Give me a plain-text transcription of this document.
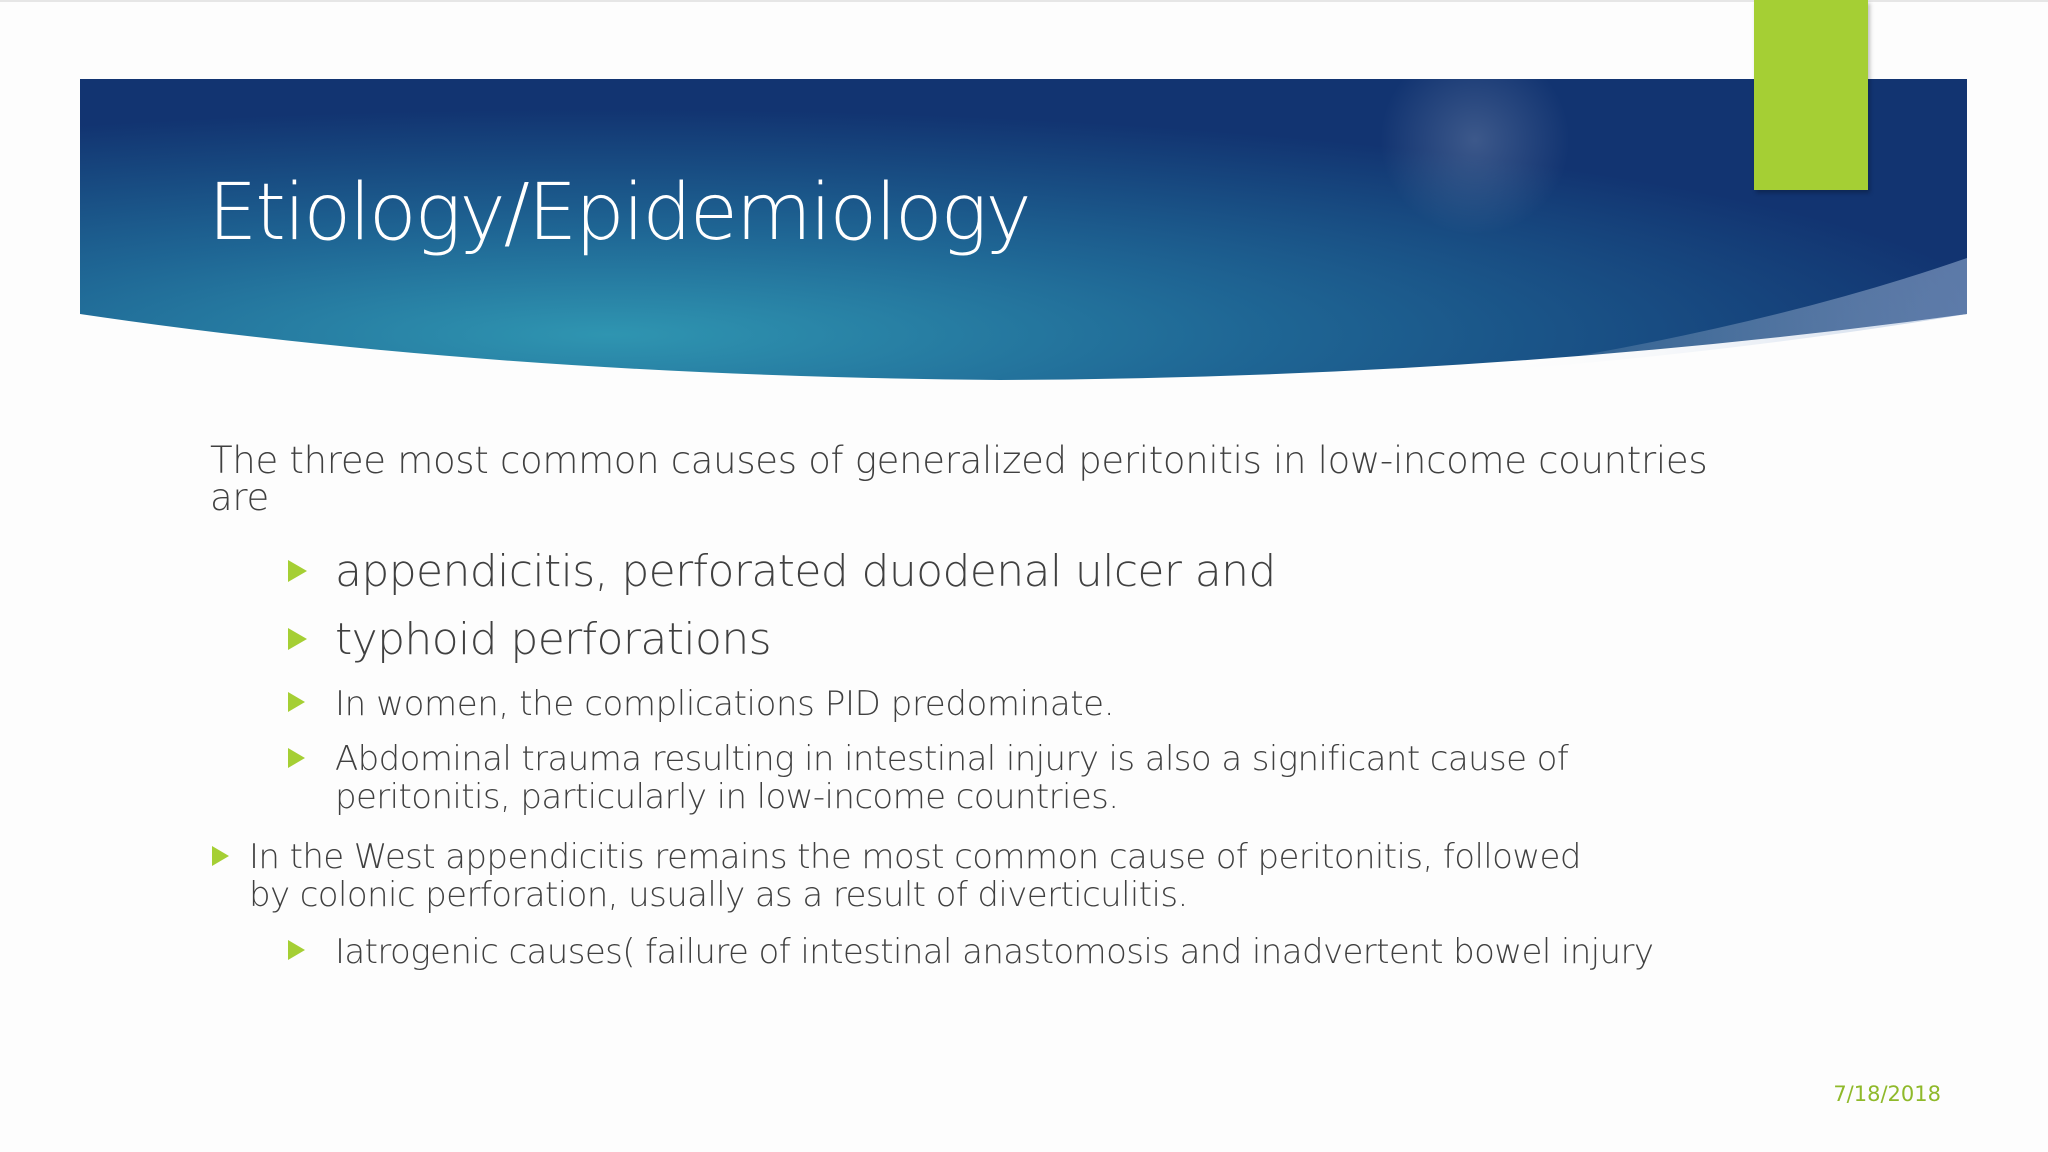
Etiology/Epidemiology
The three most common causes of generalized peritonitis in low-income countries are
appendicitis, perforated duodenal ulcer and
typhoid perforations
In women, the complications PID predominate.
Abdominal trauma resulting in intestinal injury is also a significant cause of peritonitis, particularly in low-income countries.
In the West appendicitis remains the most common cause of peritonitis, followed by colonic perforation, usually as a result of diverticulitis.
Iatrogenic causes( failure of intestinal anastomosis and inadvertent bowel injury
7/18/2018
